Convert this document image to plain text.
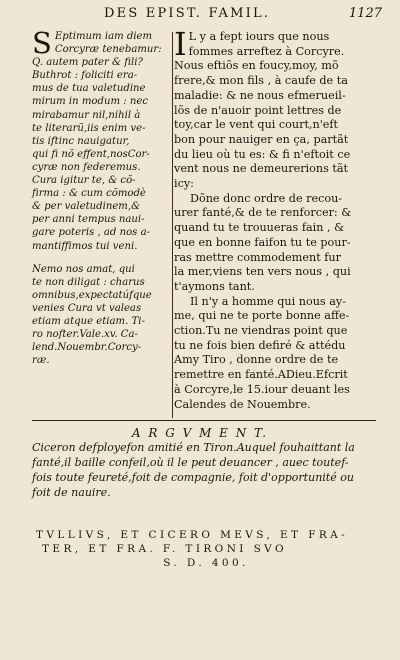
DES EPIST. FAMIL.	1127

S Eptimum iam diem
Corcyræ tenebamur:
Q. autem pater & fili?
Buthrot : foliciti era-
mus de tua valetudine
mirum in modum : nec
mirabamur nil,nihil à
te literarũ,iis enim ve-
tis iftinc nauigatur,
qui fi nõ effent,nosCor-
cyræ non federemus.
Cura igitur te, & cõ-
firma : & cum cõmodè
& per valetudinem,&
per anni tempus naui-
gare poteris , ad nos a-
mantiffimos tui veni.

Nemo nos amat, qui
te non diligat : charus
omnibus,expectatúfque
venies Cura vt valeas
etiam atque etiam. Ti-
ro nofter.Vale.xv. Ca-
lend.Nouembr.Corcy-
ræ.

I L y a fept iours que nous
fommes arreftez à Corcyre.
Nous eftiõs en foucy,moy, mõ
frere,& mon fils , à caufe de ta
maladie: & ne nous efmerueil-
lõs de n'auoir point lettres de
toy,car le vent qui court,n'eft
bon pour nauiger en ça, partãt
du lieu où tu es: & fi n'eftoit ce
vent nous ne demeurerions tãt
icy:

Dõne donc ordre de recou-
urer fanté,& de te renforcer: &
quand tu te trouueras fain , &
que en bonne faifon tu te pour-
ras mettre commodement fur
la mer,viens ten vers nous , qui
t'aymons tant.

Il n'y a homme qui nous ay-
me, qui ne te porte bonne affe-
ction.Tu ne viendras point que
tu ne fois bien defiré & attédu
Amy Tiro , donne ordre de te
remettre en fanté.ADieu.Efcrit
à Corcyre,le 15.iour deuant les
Calendes de Nouembre.

A R G V M E N T.
Ciceron defployefon amitié en Tiron.Auquel fouhaittant la
fanté,il baille confeil,où il le peut deuancer , auec toutef-
fois toute feureté,foit de compagnie, foit d'opportunité ou
foit de nauire.
TVLLIVS, ET CICERO MEVS, ET FRA-
TER, ET FRA. F. TIRONI SVO
S. D. 400.
